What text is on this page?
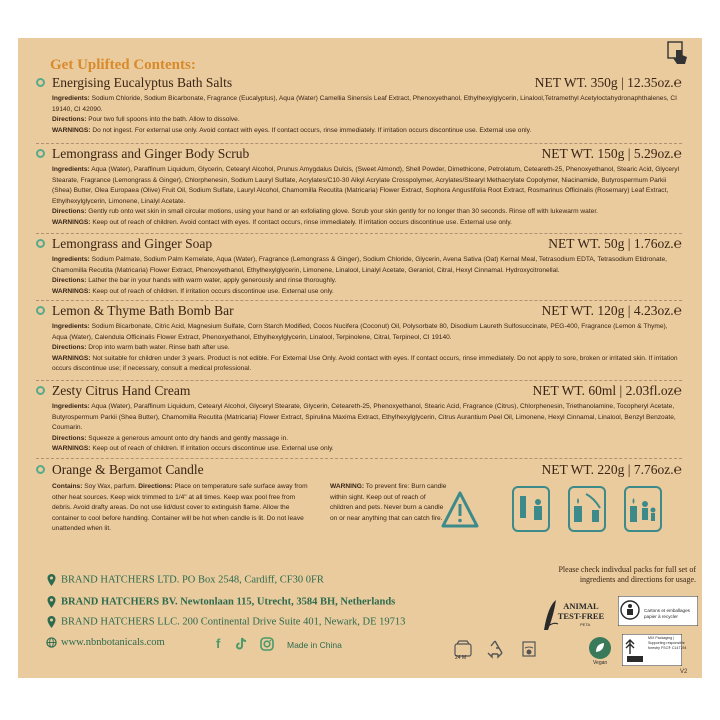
Get Uplifted Contents:
Energising Eucalyptus Bath Salts	NET WT. 350g | 12.35oz.℮

Ingredients: Sodium Chloride, Sodium Bicarbonate, Fragrance (Eucalyptus), Aqua (Water) Camellia Sinensis Leaf Extract, Phenoxyethanol, Ethylhexylglycerin, Linalool,Tetramethyl Acetyloctahydronaphthalenes, CI 19140, CI 42090.

Directions: Pour two full spoons into the bath. Allow to dissolve.

WARNINGS: Do not ingest. For external use only. Avoid contact with eyes. If contact occurs, rinse immediately. If irritation occurs discontinue use. External use only.

Lemongrass and Ginger Body Scrub	NET WT. 150g | 5.29oz.℮

Ingredients: Aqua (Water), Paraffinum Liquidum, Glycerin, Cetearyl Alcohol, Prunus Amygdalus Dulcis, (Sweet Almond), Shell Powder, Dimethicone, Petrolatum, Ceteareth-25, Phenoxyethanol, Stearic Acid, Glyceryl Stearate, Fragrance (Lemongrass & Ginger), Chlorphenesin, Sodium Lauryl Sulfate, Acrylates/C10-30 Alkyl Acrylate Crosspolymer, Acrylates/Stearyl Methacrylate Copolymer, Niacinamide, Butyrospermum Parkii (Shea) Butter, Olea Europaea (Olive) Fruit Oil, Sodium Sulfate, Lauryl Alcohol, Chamomilla Recutita (Matricaria) Flower Extract, Sophora Angustifolia Root Extract, Rosmarinus Officinalis (Rosemary) Leaf Extract, Ethylhexylglycerin, Limonene, Linalyl Acetate.

Directions: Gently rub onto wet skin in small circular motions, using your hand or an exfoliating glove. Scrub your skin gently for no longer than 30 seconds. Rinse off with lukewarm water.

WARNINGS: Keep out of reach of children. Avoid contact with eyes. If contact occurs, rinse immediately. If irritation occurs discontinue use. External use only.

Lemongrass and Ginger Soap	NET WT. 50g | 1.76oz.℮

Ingredients: Sodium Palmate, Sodium Palm Kernelate, Aqua (Water), Fragrance (Lemongrass & Ginger), Sodium Chloride, Glycerin, Avena Sativa (Oat) Kernal Meal, Tetrasodium EDTA, Tetrasodium Etidronate, Chamomilla Recutita (Matricaria) Flower Extract, Phenoxyethanol, Ethylhexylglycerin, Limonene, Linalool, Linalyl Acetate, Geraniol, Citral, Hexyl Cinnamal. Hydroxycitronellal.

Directions: Lather the bar in your hands with warm water, apply generously and rinse thoroughly.

WARNINGS: Keep out of reach of children. If irritation occurs discontinue use. External use only.

Lemon & Thyme Bath Bomb Bar	NET WT. 120g | 4.23oz.℮

Ingredients: Sodium Bicarbonate, Citric Acid, Magnesium Sulfate, Corn Starch Modified, Cocos Nucifera (Coconut) Oil, Polysorbate 80, Disodium Laureth Sulfosuccinate, PEG-400, Fragrance (Lemon & Thyme), Aqua (Water), Calendula Officinalis Flower Extract, Phenoxyethanol, Ethylhexylglycerin, Linalool, Terpinolene, Citral, Terpineol, CI 19140.

Directions: Drop into warm bath water. Rinse bath after use.

WARNINGS: Not suitable for children under 3 years. Product is not edible. For External Use Only. Avoid contact with eyes. If contact occurs, rinse immediately. Do not apply to sore, broken or irritated skin. If irritation occurs discontinue use; if necessary, consult a medical professional.

Zesty Citrus Hand Cream	NET WT. 60ml | 2.03fl.oz℮

Ingredients: Aqua (Water), Paraffinum Liquidum, Cetearyl Alcohol, Glyceryl Stearate, Glycerin, Ceteareth-25, Phenoxyethanol, Stearic Acid, Fragrance (Citrus), Chlorphenesin, Triethanolamine, Tocopheryl Acetate, Butyrospermum Parkii (Shea Butter), Chamomilla Recutita (Matricaria) Flower Extract, Spirulina Maxima Extract, Ethylhexylglycerin, Citrus Aurantium Peel Oil, Limonene, Hexyl Cinnamal, Linalool, Benzyl Benzoate, Coumarin.

Directions: Squeeze a generous amount onto dry hands and gently massage in.

WARNINGS: Keep out of reach of children. If irritation occurs discontinue use. External use only.

Orange & Bergamot Candle	NET WT. 220g | 7.76oz.℮
Contains: Soy Wax, parfum. Directions: Place on temperature safe surface away from other heat sources. Keep wick trimmed to 1/4" at all times. Keep wax pool free from debris. Avoid drafty areas. Do not use lid/dust cover to extinguish flame. Allow the container to cool before handling. Container will be hot when candle is lit. Do not leave unattended when lit.
WARNING: To prevent fire: Burn candle within sight. Keep out of reach of children and pets. Never burn a candle on or near anything that can catch fire.
Please check indivdual packs for full set of ingredients and directions for usage.
BRAND HATCHERS LTD. PO Box 2548, Cardiff, CF30 0FR
BRAND HATCHERS BV. Newtonlaan 115, Utrecht, 3584 BH, Netherlands
BRAND HATCHERS LLC. 200 Continental Drive Suite 401, Newark, DE 19713
www.nbnbotanicals.com	f	Made in China
ANIMAL TEST-FREE
PETA
Cartons et emballages papier à recycler
MIX Packaging | Supporting responsible forestry FSC® C147794
24 M
Vegan
V2
